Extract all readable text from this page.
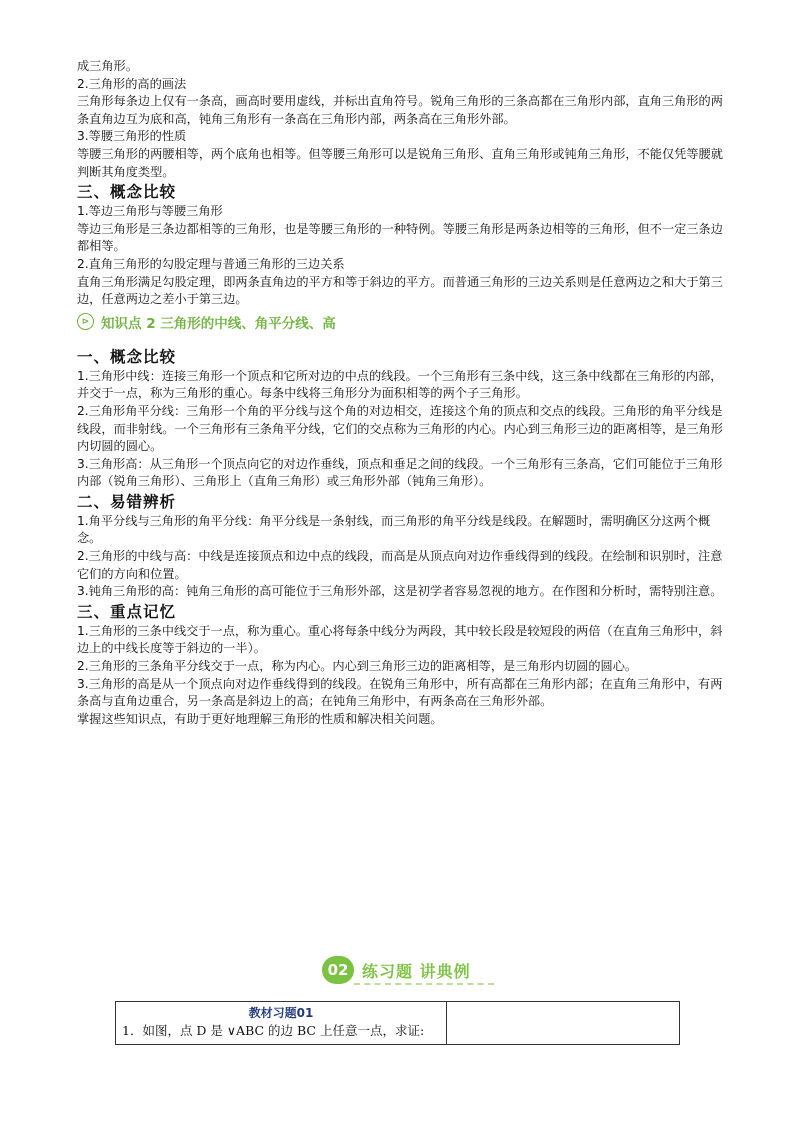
成三角形。

2.三角形的高的画法

三角形每条边上仅有一条高，画高时要用虚线，并标出直角符号。锐角三角形的三条高都在三角形内部，直角三角形的两条直角边互为底和高，钝角三角形有一条高在三角形内部，两条高在三角形外部。

3.等腰三角形的性质

等腰三角形的两腰相等，两个底角也相等。但等腰三角形可以是锐角三角形、直角三角形或钝角三角形，不能仅凭等腰就判断其角度类型。

三、概念比较

1.等边三角形与等腰三角形

等边三角形是三条边都相等的三角形，也是等腰三角形的一种特例。等腰三角形是两条边相等的三角形，但不一定三条边都相等。

2.直角三角形的勾股定理与普通三角形的三边关系

直角三角形满足勾股定理，即两条直角边的平方和等于斜边的平方。而普通三角形的三边关系则是任意两边之和大于第三边，任意两边之差小于第三边。

⊳ 知识点 2 三角形的中线、角平分线、高
一、概念比较

1.三角形中线：连接三角形一个顶点和它所对边的中点的线段。一个三角形有三条中线，这三条中线都在三角形的内部，并交于一点，称为三角形的重心。每条中线将三角形分为面积相等的两个子三角形。

2.三角形角平分线：三角形一个角的平分线与这个角的对边相交，连接这个角的顶点和交点的线段。三角形的角平分线是线段，而非射线。一个三角形有三条角平分线，它们的交点称为三角形的内心。内心到三角形三边的距离相等，是三角形内切圆的圆心。

3.三角形高：从三角形一个顶点向它的对边作垂线，顶点和垂足之间的线段。一个三角形有三条高，它们可能位于三角形内部（锐角三角形）、三角形上（直角三角形）或三角形外部（钝角三角形）。

二、易错辨析

1.角平分线与三角形的角平分线：角平分线是一条射线，而三角形的角平分线是线段。在解题时，需明确区分这两个概念。

2.三角形的中线与高：中线是连接顶点和边中点的线段，而高是从顶点向对边作垂线得到的线段。在绘制和识别时，注意它们的方向和位置。

3.钝角三角形的高：钝角三角形的高可能位于三角形外部，这是初学者容易忽视的地方。在作图和分析时，需特别注意。

三、重点记忆

1.三角形的三条中线交于一点，称为重心。重心将每条中线分为两段，其中较长段是较短段的两倍（在直角三角形中，斜边上的中线长度等于斜边的一半）。

2.三角形的三条角平分线交于一点，称为内心。内心到三角形三边的距离相等，是三角形内切圆的圆心。

3.三角形的高是从一个顶点向对边作垂线得到的线段。在锐角三角形中，所有高都在三角形内部；在直角三角形中，有两条高与直角边重合，另一条高是斜边上的高；在钝角三角形中，有两条高在三角形外部。

掌握这些知识点，有助于更好地理解三角形的性质和解决相关问题。

02 练习题 讲典例
教材习题01
1．如图，点 D 是 ∨ABC 的边 BC 上任意一点，求证:
